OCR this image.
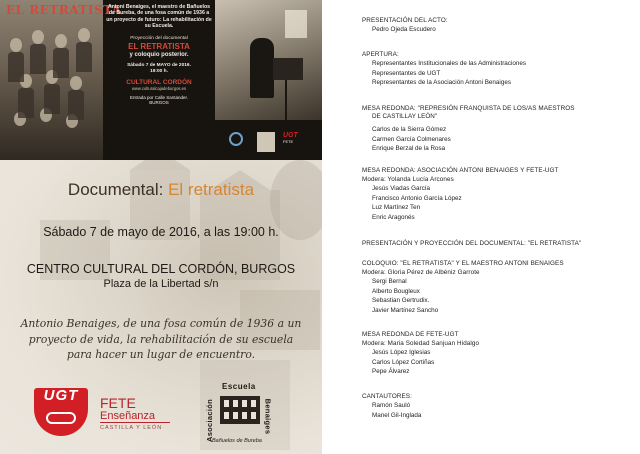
EL RETRATISTA
Antoni Benaiges, el maestro de Bañuelos de Bureba, de una fosa común de 1936 a un proyecto de futuro: La rehabilitación de su Escuela.
Proyección del documental
EL RETRATISTA
y coloquio posterior.
Sábado 7 de MAYO de 2016.
19:00 h.
CULTURAL CORDÓN
www.culturalcajadeburgos.es
Entrada por Calle Santander.
BURGOS
UGT
FETE
Documental: El retratista
Sábado 7 de mayo de 2016, a las 19:00 h.
CENTRO CULTURAL DEL CORDÓN, BURGOS
Plaza de la Libertad s/n
Antonio Benaiges, de una fosa común de 1936 a un proyecto de vida, la rehabilitación de su escuela para hacer un lugar de encuentro.
UGT	FETE
Enseñanza
CASTILLA Y LEÓN
Escuela
Asociación	Benaiges
Bañuelos de Bureba
PRESENTACIÓN DEL ACTO:
Pedro Ojeda Escudero
APERTURA:
Representantes Institucionales de las Administraciones
Representantes de UGT
Representantes de la Asociación Antoni Benaiges
MESA REDONDA: "REPRESIÓN FRANQUISTA DE LOS/AS MAESTROS
DE CASTILLAY LEÓN"
Carlos de la Sierra Gómez
Carmen García Colmenares
Enrique Berzal de la Rosa
MESA REDONDA: ASOCIACIÓN ANTONI BENAIGES Y FETE-UGT
Modera: Yolanda Lucía Arcones
Jesús Viadas García
Francisco Antonio García López
Luz Martínez Ten
Enric Aragonés
PRESENTACIÓN Y PROYECCIÓN DEL DOCUMENTAL: "EL RETRATISTA"
COLOQUIO: "EL RETRATISTA" Y EL MAESTRO ANTONI BENAIGES
Modera: Gloria Pérez de Albéniz Garrote
Sergi Bernal
Alberto Bougleux
Sebastian Gertrudix.
Javier Martínez Sancho
MESA REDONDA DE FETE-UGT
Modera: Maria Soledad Sanjuan Hidalgo
Jesús López Iglesias
Carlos López Cortiñas
Pepe Álvarez
CANTAUTORES:
Ramón Sauló
Manel Gil-Inglada
